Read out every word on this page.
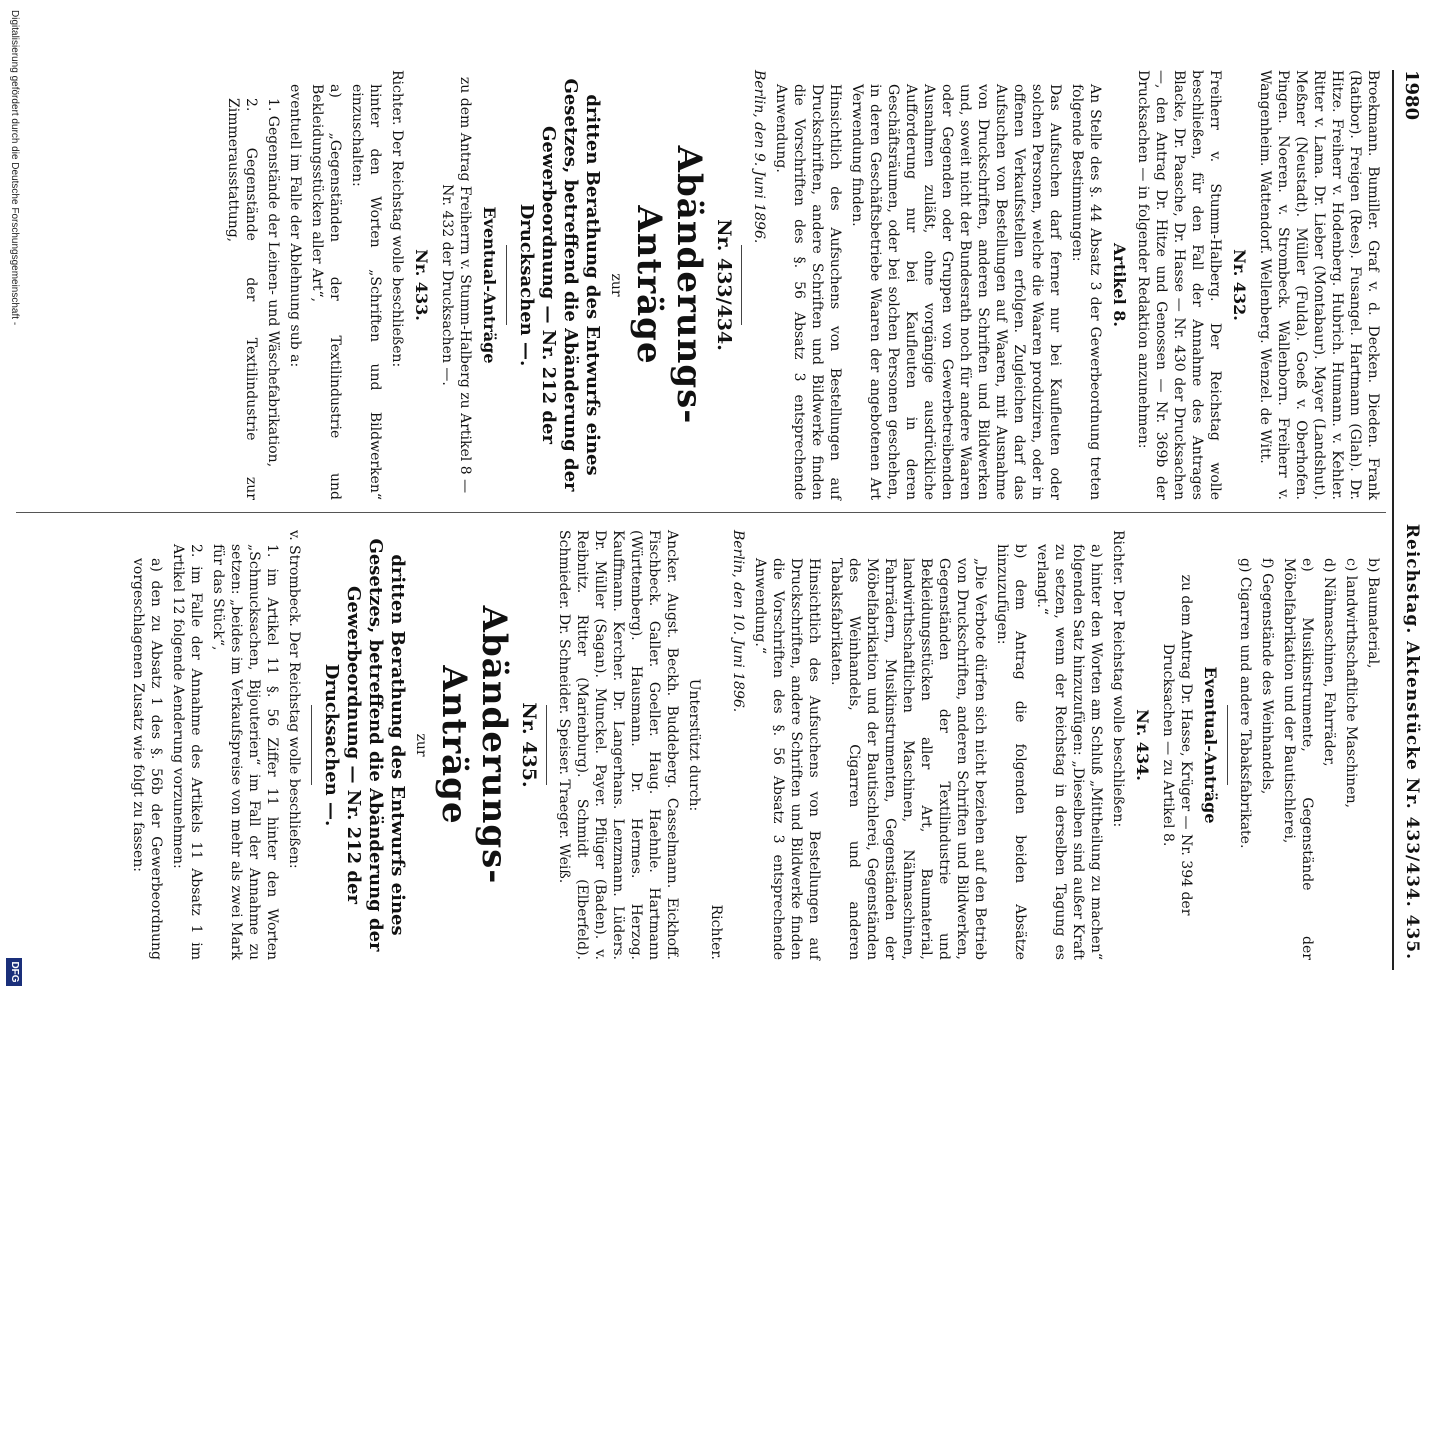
1980
Reichstag. Aktenstücke Nr. 433/434. 435.

Broekmann. Bumiller. Graf v. d. Decken. Dieden. Frank (Ratibor). Freigen (Rees). Fusangel. Hartmann (Glah). Dr. Hitze. Freiherr v. Hodenberg. Hubrich. Humann. v. Kehler. Ritter v. Lama. Dr. Lieber (Montabaur). Mayer (Landshut). Meßner (Neustadt). Müller (Fulda). Goeß v. Oberhofen. Pingen. Noeren. v. Strombeck. Wallenborn. Freiherr v. Wangenheim. Wattendorf. Wellenberg. Wenzel. de Witt.

Nr. 432.

Freiherr v. Stumm-Halberg. Der Reichstag wolle beschließen, für den Fall der Annahme des Antrages Blacke, Dr. Paasche, Dr. Hasse — Nr. 430 der Drucksachen —, den Antrag Dr. Hitze und Genossen — Nr. 369b der Drucksachen — in folgender Redaktion anzunehmen:

Artikel 8.

An Stelle des §. 44 Absatz 3 der Gewerbeordnung treten folgende Bestimmungen:

Das Aufsuchen darf ferner nur bei Kaufleuten oder solchen Personen, welche die Waaren produziren, oder in offenen Verkaufsstellen erfolgen. Zugleichen darf das Aufsuchen von Bestellungen auf Waaren, mit Ausnahme von Druckschriften, anderen Schriften und Bildwerken und, soweit nicht der Bundesrath noch für andere Waaren oder Gegenden oder Gruppen von Gewerbetreibenden Ausnahmen zuläßt, ohne vorgängige ausdrückliche Aufforderung nur bei Kaufleuten in deren Geschäftsräumen, oder bei solchen Personen geschehen, in deren Geschäftsbetriebe Waaren der angebotenen Art Verwendung finden.

Hinsichtlich des Aufsuchens von Bestellungen auf Druckschriften, andere Schriften und Bildwerke finden die Vorschriften des §. 56 Absatz 3 entsprechende Anwendung.

Berlin, den 9. Juni 1896.

Nr. 433/434.
Abänderungs-Anträge

zur

dritten Berathung des Entwurfs eines Gesetzes, betreffend die Abänderung der Gewerbeordnung — Nr. 212 der Drucksachen —.
Eventual-Anträge

zu dem Antrag Freiherrn v. Stumm-Halberg zu Artikel 8 — Nr. 432 der Drucksachen —.

Nr. 433.

Richter. Der Reichstag wolle beschließen:

hinter den Worten „Schriften und Bildwerken“ einzuschalten:

a) „Gegenständen der Textilindustrie und Bekleidungsstücken aller Art“,

eventuell im Falle der Ablehnung sub a:

1. Gegenstände der Leinen- und Wäschefabrikation,

2. Gegenstände der Textilindustrie zur Zimmerausstattung,

b) Baumaterial,

c) landwirthschaftliche Maschinen,

d) Nähmaschinen, Fahrräder,

e) Musikinstrumente, Gegenstände der Möbelfabrikation und der Bautischlerei,

f) Gegenstände des Weinhandels,

g) Cigarren und andere Tabaksfabrikate.

Eventual-Anträge

zu dem Antrag Dr. Hasse, Krüger — Nr. 394 der Drucksachen — zu Artikel 8.

Nr. 434.

Richter. Der Reichstag wolle beschließen:

a) hinter den Worten am Schluß „Mittheilung zu machen“ folgenden Satz hinzuzufügen: „Dieselben sind außer Kraft zu setzen, wenn der Reichstag in derselben Tagung es verlangt.“

b) dem Antrag die folgenden beiden Absätze hinzuzufügen:

„Die Verbote dürfen sich nicht beziehen auf den Betrieb von Druckschriften, anderen Schriften und Bildwerken, Gegenständen der Textilindustrie und Bekleidungsstücken aller Art, Baumaterial, landwirthschaftlichen Maschinen, Nähmaschinen, Fahrrädern, Musikinstrumenten, Gegenständen der Möbelfabrikation und der Bautischlerei, Gegenständen des Weinhandels, Cigarren und anderen Tabaksfabrikaten.

Hinsichtlich des Aufsuchens von Bestellungen auf Druckschriften, andere Schriften und Bildwerke finden die Vorschriften des §. 56 Absatz 3 entsprechende Anwendung.“

Berlin, den 10. Juni 1896.

Richter.

Unterstützt durch:

Ancker. Augst. Beckh. Buddeberg. Casselmann. Eickhoff. Fischbeck. Galler. Goeller. Haug. Haehnle. Hartmann (Württemberg). Hausmann. Dr. Hermes. Herzog. Kauffmann. Kercher. Dr. Langerhans. Lenzmann. Lüders. Dr. Müller (Sagan). Munckel. Payer. Pflüger (Baden). v. Reibnitz. Ritter (Marienburg). Schmidt (Elberfeld). Schmieder. Dr. Schneider. Speiser. Traeger. Weiß.

Nr. 435.
Abänderungs-Anträge

zur

dritten Berathung des Entwurfs eines Gesetzes, betreffend die Abänderung der Gewerbeordnung — Nr. 212 der Drucksachen —.

v. Strombeck. Der Reichstag wolle beschließen:

1. im Artikel 11 §. 56 Ziffer 11 hinter den Worten „Schmucksachen, Bijouterien“ im Fall der Annahme zu setzen: „beides im Verkaufspreise von mehr als zwei Mark für das Stück“,

2. im Falle der Annahme des Artikels 11 Absatz 1 im Artikel 12 folgende Aenderung vorzunehmen:

a) den zu Absatz 1 des §. 56b der Gewerbeordnung vorgeschlagenen Zusatz wie folgt zu fassen:

Digitalisierung gefördert durch die Deutsche Forschungsgemeinschaft -
DFG
